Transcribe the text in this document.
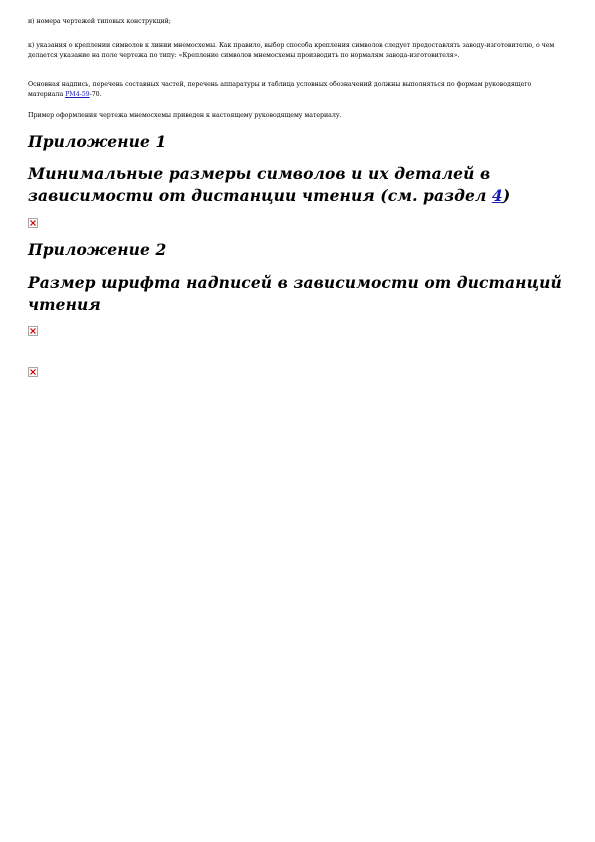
и) номера чертежей типовых конструкций;

к) указания о креплении символов к линии мнемосхемы. Как правило, выбор способа крепления символов следует предоставлять заводу-изготовителю, о чем делается указание на поле чертежа по типу: «Крепление символов мнемосхемы производить по нормалям завода-изготовителя».

Основная надпись, перечень составных частей, перечень аппаратуры и таблица условных обозначений должны выполняться по формам руководящего материала РМ4-59-70.

Пример оформления чертежа мнемосхемы приведен к настоящему руководящему материалу.

Приложение 1
Минимальные размеры символов и их деталей в зависимости от дистанции чтения (см. раздел 4)
Приложение 2
Размер шрифта надписей в зависимости от дистанций чтения
